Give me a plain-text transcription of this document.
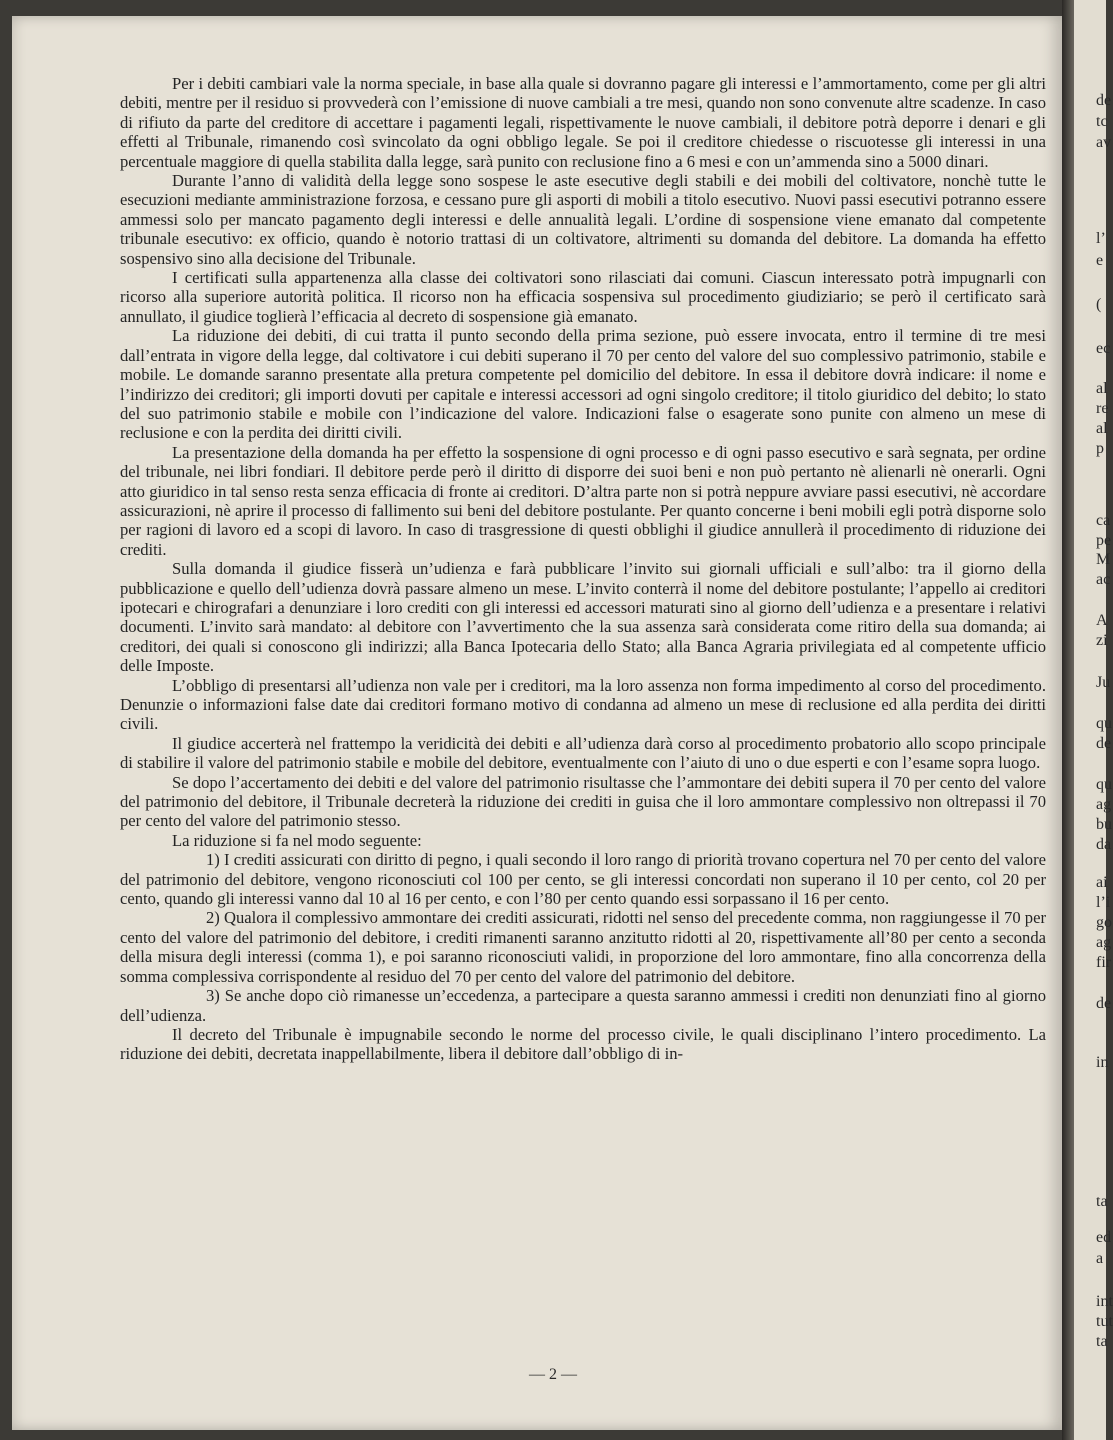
de
tc
av
l’
e
(
ec
al
re
al
p
ca
pe
M
ac
A
zi
Ju
qu
de
qu
ag
bu
da
ai
l’i
go
ag
fir
de
in
ta
ed
a
int
tut
ta

Per i debiti cambiari vale la norma speciale, in base alla quale si dovranno pagare gli interessi e l’ammortamento, come per gli altri debiti, mentre per il residuo si provvederà con l’emissione di nuove cambiali a tre mesi, quando non sono convenute altre scadenze. In caso di rifiuto da parte del creditore di accettare i pagamenti legali, rispettivamente le nuove cambiali, il debitore potrà deporre i denari e gli effetti al Tribunale, rimanendo così svincolato da ogni obbligo legale. Se poi il creditore chiedesse o riscuotesse gli interessi in una percentuale maggiore di quella stabilita dalla legge, sarà punito con reclusione fino a 6 mesi e con un’ammenda sino a 5000 dinari.

Durante l’anno di validità della legge sono sospese le aste esecutive degli stabili e dei mobili del coltivatore, nonchè tutte le esecuzioni mediante amministrazione forzosa, e cessano pure gli asporti di mobili a titolo esecutivo. Nuovi passi esecutivi potranno essere ammessi solo per mancato pagamento degli interessi e delle annualità legali. L’ordine di sospensione viene emanato dal competente tribunale esecutivo: ex officio, quando è notorio trattasi di un coltivatore, altrimenti su domanda del debitore. La domanda ha effetto sospensivo sino alla decisione del Tribunale.

I certificati sulla appartenenza alla classe dei coltivatori sono rilasciati dai comuni. Ciascun interessato potrà impugnarli con ricorso alla superiore autorità politica. Il ricorso non ha efficacia sospensiva sul procedimento giudiziario; se però il certificato sarà annullato, il giudice toglierà l’efficacia al decreto di sospensione già emanato.

La riduzione dei debiti, di cui tratta il punto secondo della prima sezione, può essere invocata, entro il termine di tre mesi dall’entrata in vigore della legge, dal coltivatore i cui debiti superano il 70 per cento del valore del suo complessivo patrimonio, stabile e mobile. Le domande saranno presentate alla pretura competente pel domicilio del debitore. In essa il debitore dovrà indicare: il nome e l’indirizzo dei creditori; gli importi dovuti per capitale e interessi accessori ad ogni singolo creditore; il titolo giuridico del debito; lo stato del suo patrimonio stabile e mobile con l’indicazione del valore. Indicazioni false o esagerate sono punite con almeno un mese di reclusione e con la perdita dei diritti civili.

La presentazione della domanda ha per effetto la sospensione di ogni processo e di ogni passo esecutivo e sarà segnata, per ordine del tribunale, nei libri fondiari. Il debitore perde però il diritto di disporre dei suoi beni e non può pertanto nè alienarli nè onerarli. Ogni atto giuridico in tal senso resta senza efficacia di fronte ai creditori. D’altra parte non si potrà neppure avviare passi esecutivi, nè accordare assicurazioni, nè aprire il processo di fallimento sui beni del debitore postulante. Per quanto concerne i beni mobili egli potrà disporne solo per ragioni di lavoro ed a scopi di lavoro. In caso di trasgressione di questi obblighi il giudice annullerà il procedimento di riduzione dei crediti.

Sulla domanda il giudice fisserà un’udienza e farà pubblicare l’invito sui giornali ufficiali e sull’albo: tra il giorno della pubblicazione e quello dell’udienza dovrà passare almeno un mese. L’invito conterrà il nome del debitore postulante; l’appello ai creditori ipotecari e chirografari a denunziare i loro crediti con gli interessi ed accessori maturati sino al giorno dell’udienza e a presentare i relativi documenti. L’invito sarà mandato: al debitore con l’avvertimento che la sua assenza sarà considerata come ritiro della sua domanda; ai creditori, dei quali si conoscono gli indirizzi; alla Banca Ipotecaria dello Stato; alla Banca Agraria privilegiata ed al competente ufficio delle Imposte.

L’obbligo di presentarsi all’udienza non vale per i creditori, ma la loro assenza non forma impedimento al corso del procedimento. Denunzie o informazioni false date dai creditori formano motivo di condanna ad almeno un mese di reclusione ed alla perdita dei diritti civili.

Il giudice accerterà nel frattempo la veridicità dei debiti e all’udienza darà corso al procedimento probatorio allo scopo principale di stabilire il valore del patrimonio stabile e mobile del debitore, eventualmente con l’aiuto di uno o due esperti e con l’esame sopra luogo.

Se dopo l’accertamento dei debiti e del valore del patrimonio risultasse che l’ammontare dei debiti supera il 70 per cento del valore del patrimonio del debitore, il Tribunale decreterà la riduzione dei crediti in guisa che il loro ammontare complessivo non oltrepassi il 70 per cento del valore del patrimonio stesso.

La riduzione si fa nel modo seguente:

1) I crediti assicurati con diritto di pegno, i quali secondo il loro rango di priorità trovano copertura nel 70 per cento del valore del patrimonio del debitore, vengono riconosciuti col 100 per cento, se gli interessi concordati non superano il 10 per cento, col 20 per cento, quando gli interessi vanno dal 10 al 16 per cento, e con l’80 per cento quando essi sorpassano il 16 per cento.

2) Qualora il complessivo ammontare dei crediti assicurati, ridotti nel senso del precedente comma, non raggiungesse il 70 per cento del valore del patrimonio del debitore, i crediti rimanenti saranno anzitutto ridotti al 20, rispettivamente all’80 per cento a seconda della misura degli interessi (comma 1), e poi saranno riconosciuti validi, in proporzione del loro ammontare, fino alla concorrenza della somma complessiva corrispondente al residuo del 70 per cento del valore del patrimonio del debitore.

3) Se anche dopo ciò rimanesse un’eccedenza, a partecipare a questa saranno ammessi i crediti non denunziati fino al giorno dell’udienza.

Il decreto del Tribunale è impugnabile secondo le norme del processo civile, le quali disciplinano l’intero procedimento. La riduzione dei debiti, decretata inappellabilmente, libera il debitore dall’obbligo di in-

— 2 —
